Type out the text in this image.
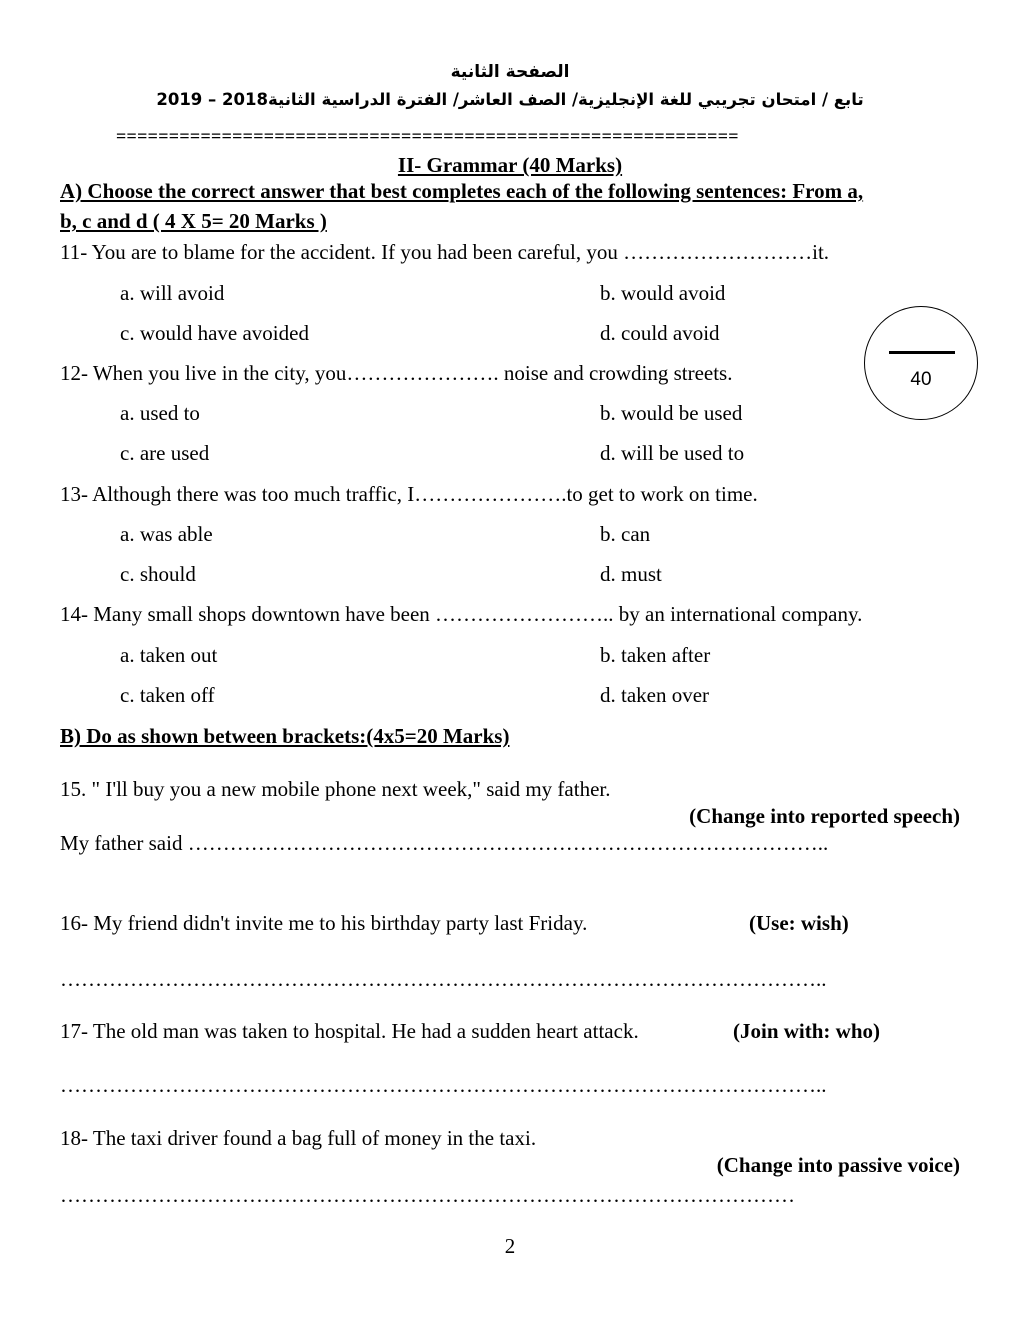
الصفحة الثانية
تابع / امتحان تجريبي للغة الإنجليزية/ الصف العاشر/ الفترة الدراسية الثانية2018 – 2019
===========================================================
II- Grammar (40 Marks)
A) Choose the correct answer that best completes each of the following sentences: From a,
b, c and d ( 4 X 5= 20 Marks )
40
11- You are to blame for the accident. If you had been careful, you ………………………it.
a. will avoid	b. would avoid
c. would have avoided	d. could avoid
12- When you live in the city, you…………………. noise and crowding streets.
a. used to	b. would be used
c. are used	d. will be used to
13- Although there was too much traffic, I………………….to get to work on time.
a. was able	b. can
c. should	d. must
14- Many small shops downtown have been …………………….. by an international company.
a. taken out	b. taken after
c. taken off	d. taken over
B) Do as shown between brackets:(4x5=20 Marks)
15. " I'll buy you a new mobile phone next week," said my father.
(Change into reported speech)
My father said ………………………………………………………………………………..
16- My friend didn't invite me to his birthday party last Friday.	(Use: wish)
………………………………………………………………………………………………..
17- The old man was taken to hospital. He had a sudden heart attack.	(Join with: who)
………………………………………………………………………………………………..
18- The taxi driver found a bag full of money in the taxi.
(Change into passive voice)
……………………………………………………………………………………………
2
